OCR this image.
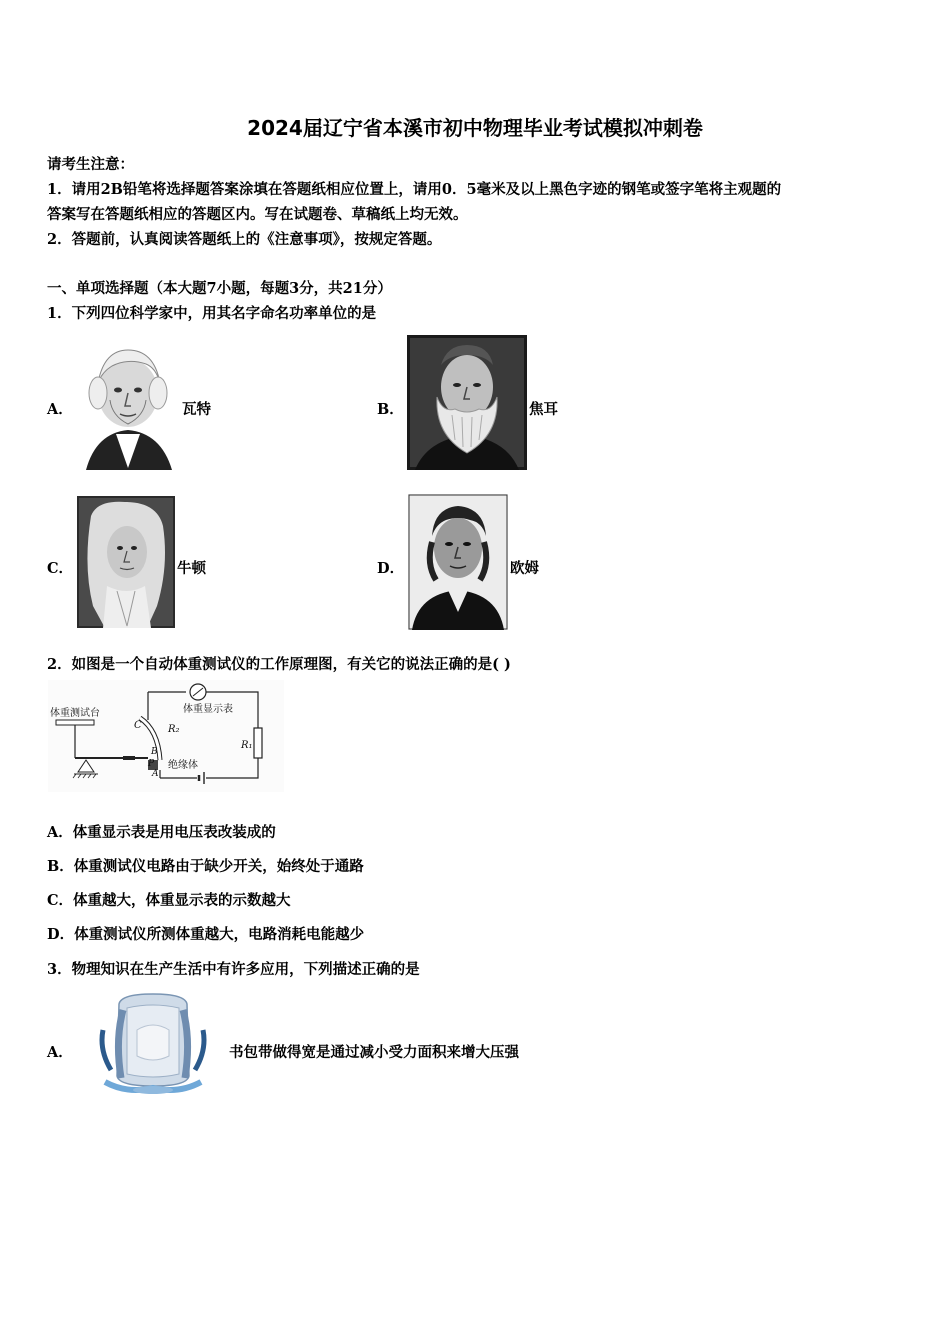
2024届辽宁省本溪市初中物理毕业考试模拟冲刺卷
请考生注意：
1．请用2B铅笔将选择题答案涂填在答题纸相应位置上，请用0．5毫米及以上黑色字迹的钢笔或签字笔将主观题的
答案写在答题纸相应的答题区内。写在试题卷、草稿纸上均无效。
2．答题前，认真阅读答题纸上的《注意事项》，按规定答题。
一、单项选择题（本大题7小题，每题3分，共21分）
1．下列四位科学家中，用其名字命名功率单位的是
A．	瓦特	B．	焦耳
C．	牛顿	D．	欧姆
2．如图是一个自动体重测试仪的工作原理图，有关它的说法正确的是( )
体重测试台	体重显示表
R₂
R₁
C
B
P
A
绝缘体
A．体重显示表是用电压表改装成的
B．体重测试仪电路由于缺少开关，始终处于通路
C．体重越大，体重显示表的示数越大
D．体重测试仪所测体重越大，电路消耗电能越少
3．物理知识在生产生活中有许多应用，下列描述正确的是
A．	书包带做得宽是通过减小受力面积来增大压强
